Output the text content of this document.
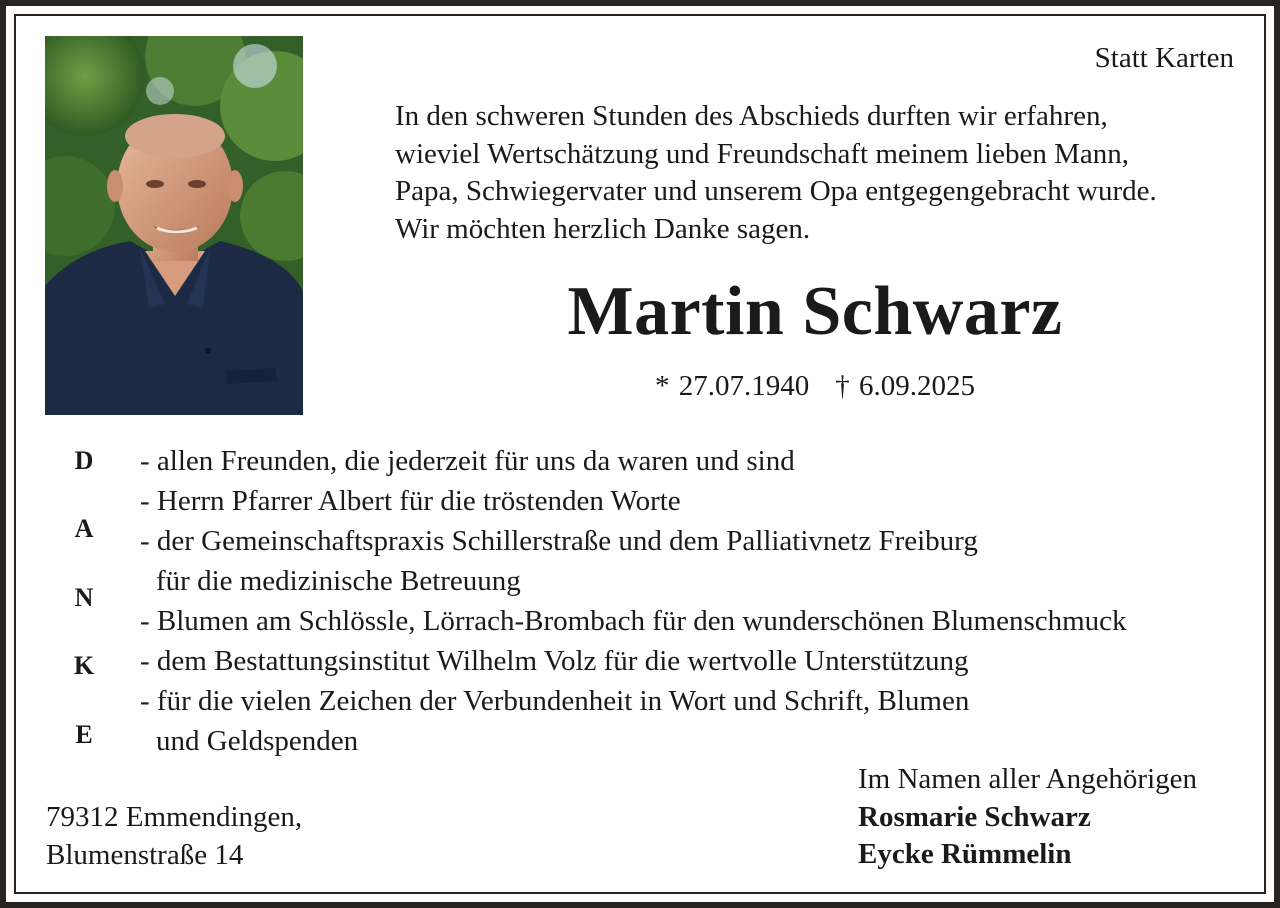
Statt Karten
In den schweren Stunden des Abschieds durften wir erfahren,
wieviel Wertschätzung und Freundschaft meinem lieben Mann,
Papa, Schwiegervater und unserem Opa entgegengebracht wurde.
Wir möchten herzlich Danke sagen.
Martin Schwarz
* 27.07.1940 † 6.09.2025
D
A
N
K
E
- allen Freunden, die jederzeit für uns da waren und sind
- Herrn Pfarrer Albert für die tröstenden Worte
- der Gemeinschaftspraxis Schillerstraße und dem Palliativnetz Freiburg
für die medizinische Betreuung
- Blumen am Schlössle, Lörrach-Brombach für den wunderschönen Blumenschmuck
- dem Bestattungsinstitut Wilhelm Volz für die wertvolle Unterstützung
- für die vielen Zeichen der Verbundenheit in Wort und Schrift, Blumen
und Geldspenden
79312 Emmendingen,
Blumenstraße 14
Im Namen aller Angehörigen
Rosmarie Schwarz
Eycke Rümmelin
